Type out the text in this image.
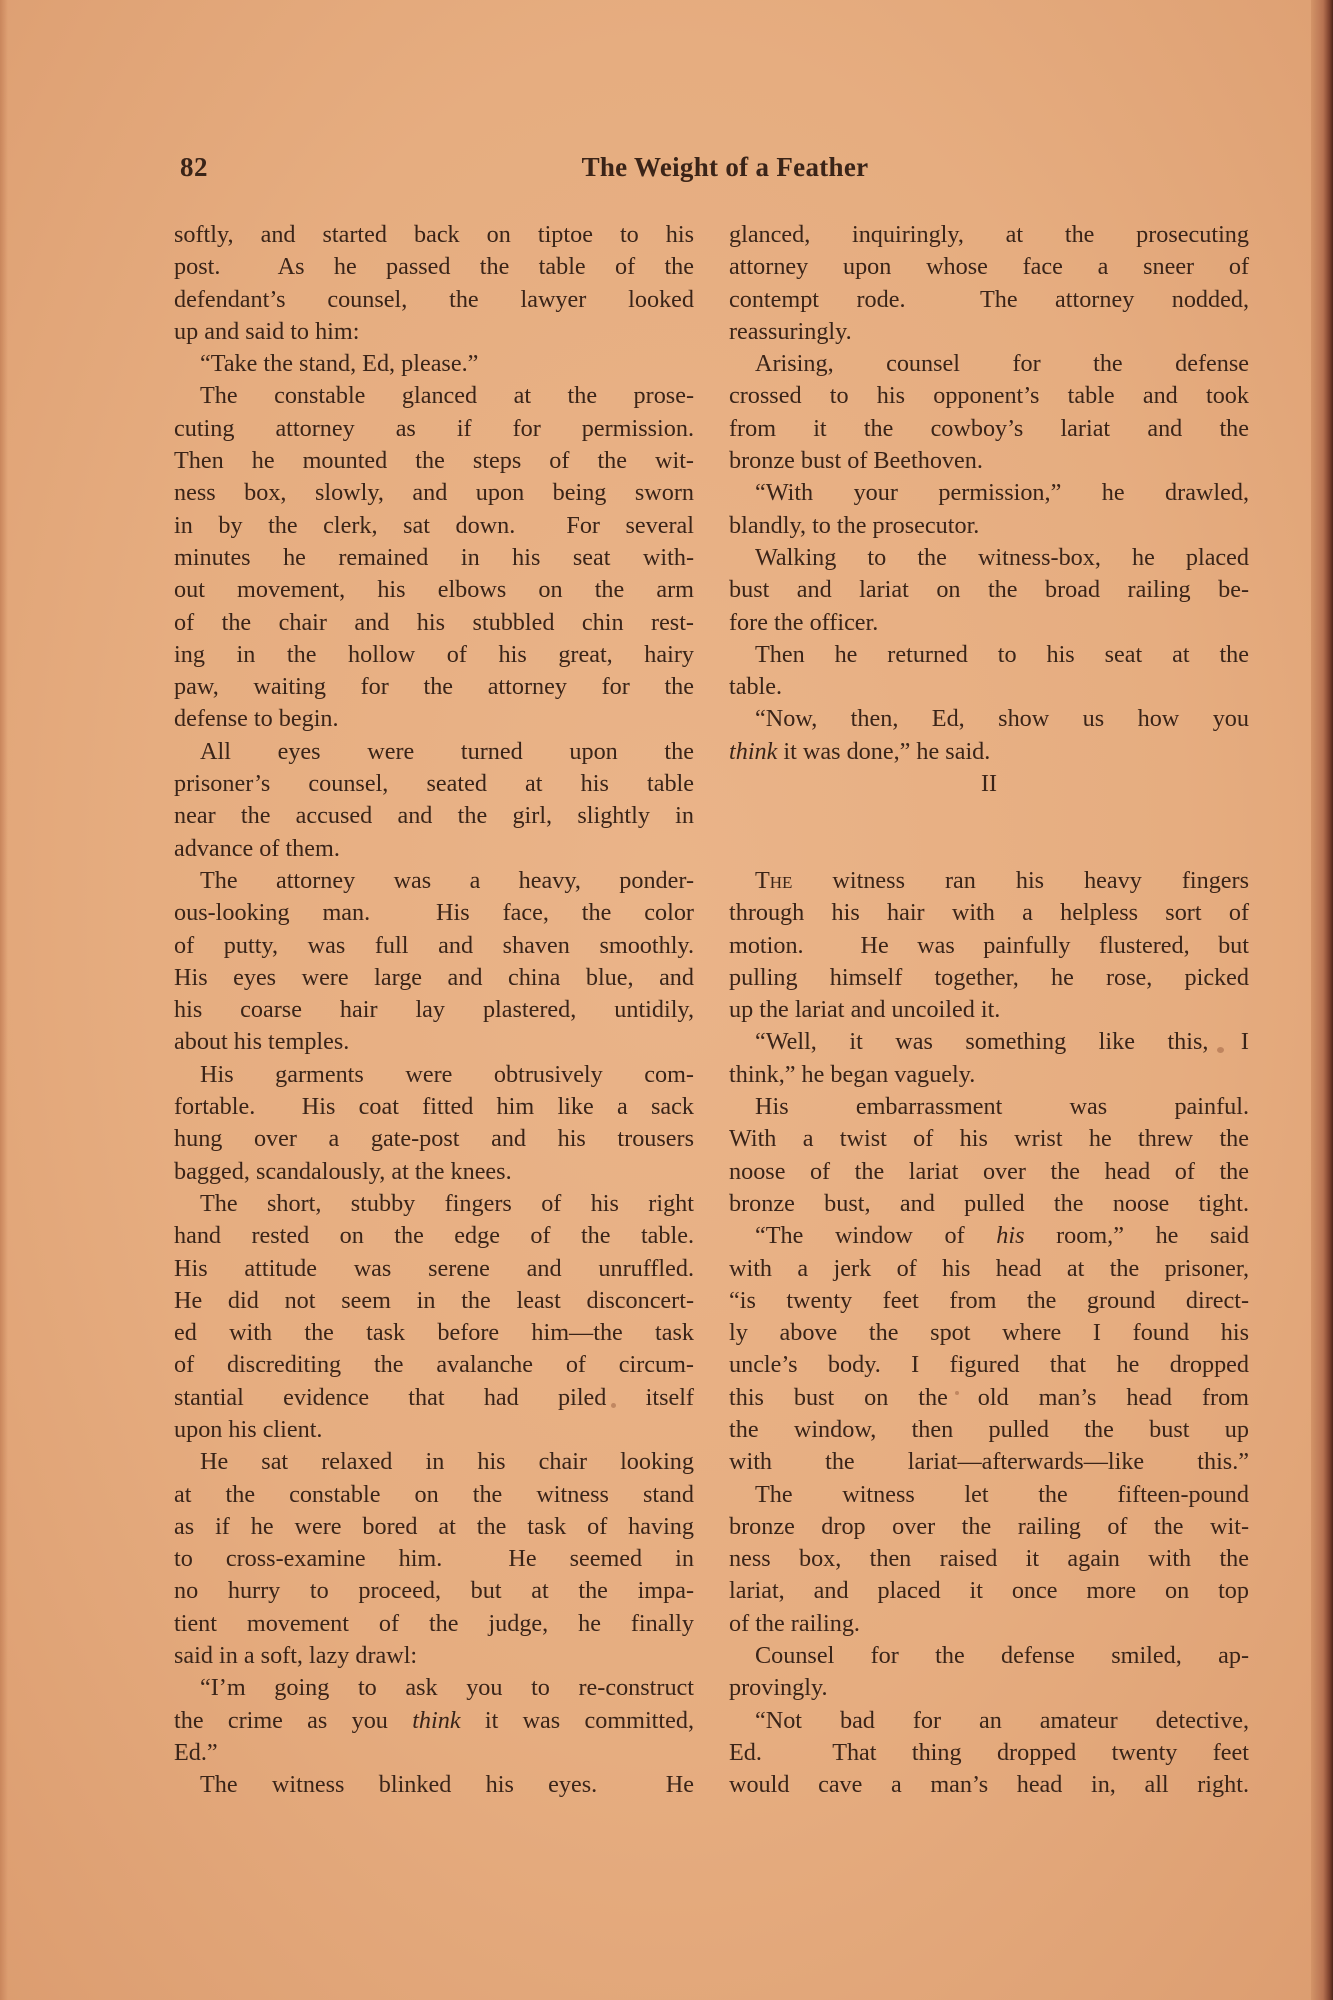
82	The Weight of a Feather
softly, and started back on tiptoe to his
post.  As he passed the table of the
defendant’s counsel, the lawyer looked
up and said to him:
“Take the stand, Ed, please.”
The constable glanced at the prose-
cuting attorney as if for permission.
Then he mounted the steps of the wit-
ness box, slowly, and upon being sworn
in by the clerk, sat down.  For several
minutes he remained in his seat with-
out movement, his elbows on the arm
of the chair and his stubbled chin rest-
ing in the hollow of his great, hairy
paw, waiting for the attorney for the
defense to begin.
All eyes were turned upon the
prisoner’s counsel, seated at his table
near the accused and the girl, slightly in
advance of them.
The attorney was a heavy, ponder-
ous-looking man.  His face, the color
of putty, was full and shaven smoothly.
His eyes were large and china blue, and
his coarse hair lay plastered, untidily,
about his temples.
His garments were obtrusively com-
fortable.  His coat fitted him like a sack
hung over a gate-post and his trousers
bagged, scandalously, at the knees.
The short, stubby fingers of his right
hand rested on the edge of the table.
His attitude was serene and unruffled.
He did not seem in the least disconcert-
ed with the task before him—the task
of discrediting the avalanche of circum-
stantial evidence that had piled itself
upon his client.
He sat relaxed in his chair looking
at the constable on the witness stand
as if he were bored at the task of having
to cross-examine him.  He seemed in
no hurry to proceed, but at the impa-
tient movement of the judge, he finally
said in a soft, lazy drawl:
“I’m going to ask you to re-construct
the crime as you think it was committed,
Ed.”
The witness blinked his eyes.  He
glanced, inquiringly, at the prosecuting
attorney upon whose face a sneer of
contempt rode.  The attorney nodded,
reassuringly.
Arising, counsel for the defense
crossed to his opponent’s table and took
from it the cowboy’s lariat and the
bronze bust of Beethoven.
“With your permission,” he drawled,
blandly, to the prosecutor.
Walking to the witness-box, he placed
bust and lariat on the broad railing be-
fore the officer.
Then he returned to his seat at the
table.
“Now, then, Ed, show us how you
think it was done,” he said.
II
The witness ran his heavy fingers
through his hair with a helpless sort of
motion.  He was painfully flustered, but
pulling himself together, he rose, picked
up the lariat and uncoiled it.
“Well, it was something like this, I
think,” he began vaguely.
His embarrassment was painful.
With a twist of his wrist he threw the
noose of the lariat over the head of the
bronze bust, and pulled the noose tight.
“The window of his room,” he said
with a jerk of his head at the prisoner,
“is twenty feet from the ground direct-
ly above the spot where I found his
uncle’s body. I figured that he dropped
this bust on the old man’s head from
the window, then pulled the bust up
with the lariat—afterwards—like this.”
The witness let the fifteen-pound
bronze drop over the railing of the wit-
ness box, then raised it again with the
lariat, and placed it once more on top
of the railing.
Counsel for the defense smiled, ap-
provingly.
“Not bad for an amateur detective,
Ed.  That thing dropped twenty feet
would cave a man’s head in, all right.
